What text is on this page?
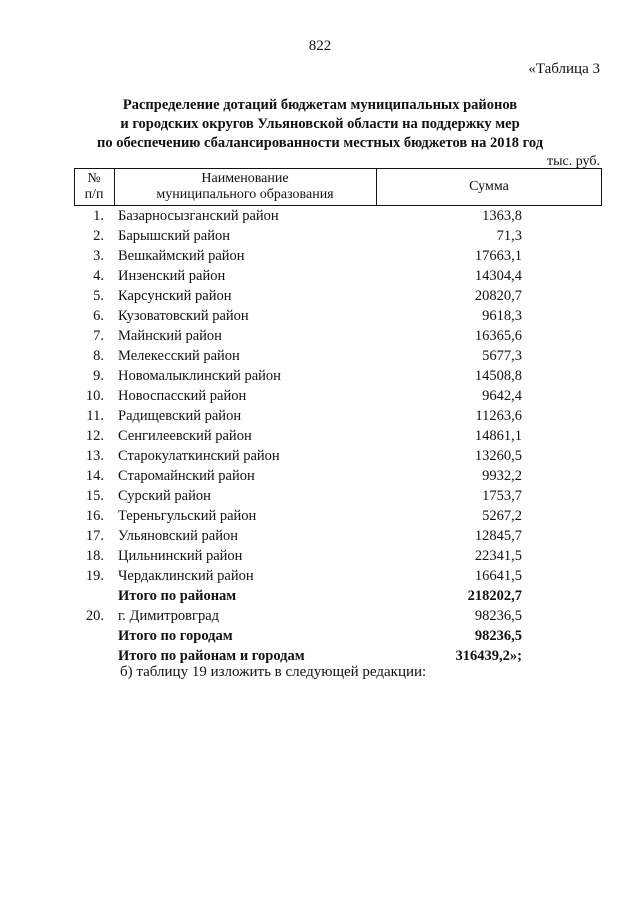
822
«Таблица 3
Распределение дотаций бюджетам муниципальных районов
и городских округов Ульяновской области на поддержку мер
по обеспечению сбалансированности местных бюджетов на 2018 год
тыс. руб.
№
п/п
Наименование
муниципального образования
Сумма
1. Базарносызганский район	1363,8
2. Барышский район	71,3
3. Вешкаймский район	17663,1
4. Инзенский район	14304,4
5. Карсунский район	20820,7
6. Кузоватовский район	9618,3
7. Майнский район	16365,6
8. Мелекесский район	5677,3
9. Новомалыклинский район	14508,8
10. Новоспасский район	9642,4
11. Радищевский район	11263,6
12. Сенгилеевский район	14861,1
13. Старокулаткинский район	13260,5
14. Старомайнский район	9932,2
15. Сурский район	1753,7
16. Тереньгульский район	5267,2
17. Ульяновский район	12845,7
18. Цильнинский район	22341,5
19. Чердаклинский район	16641,5
Итого по районам	218202,7
20. г. Димитровград	98236,5
Итого по городам	98236,5
Итого по районам и городам	316439,2»;
б) таблицу 19 изложить в следующей редакции:
